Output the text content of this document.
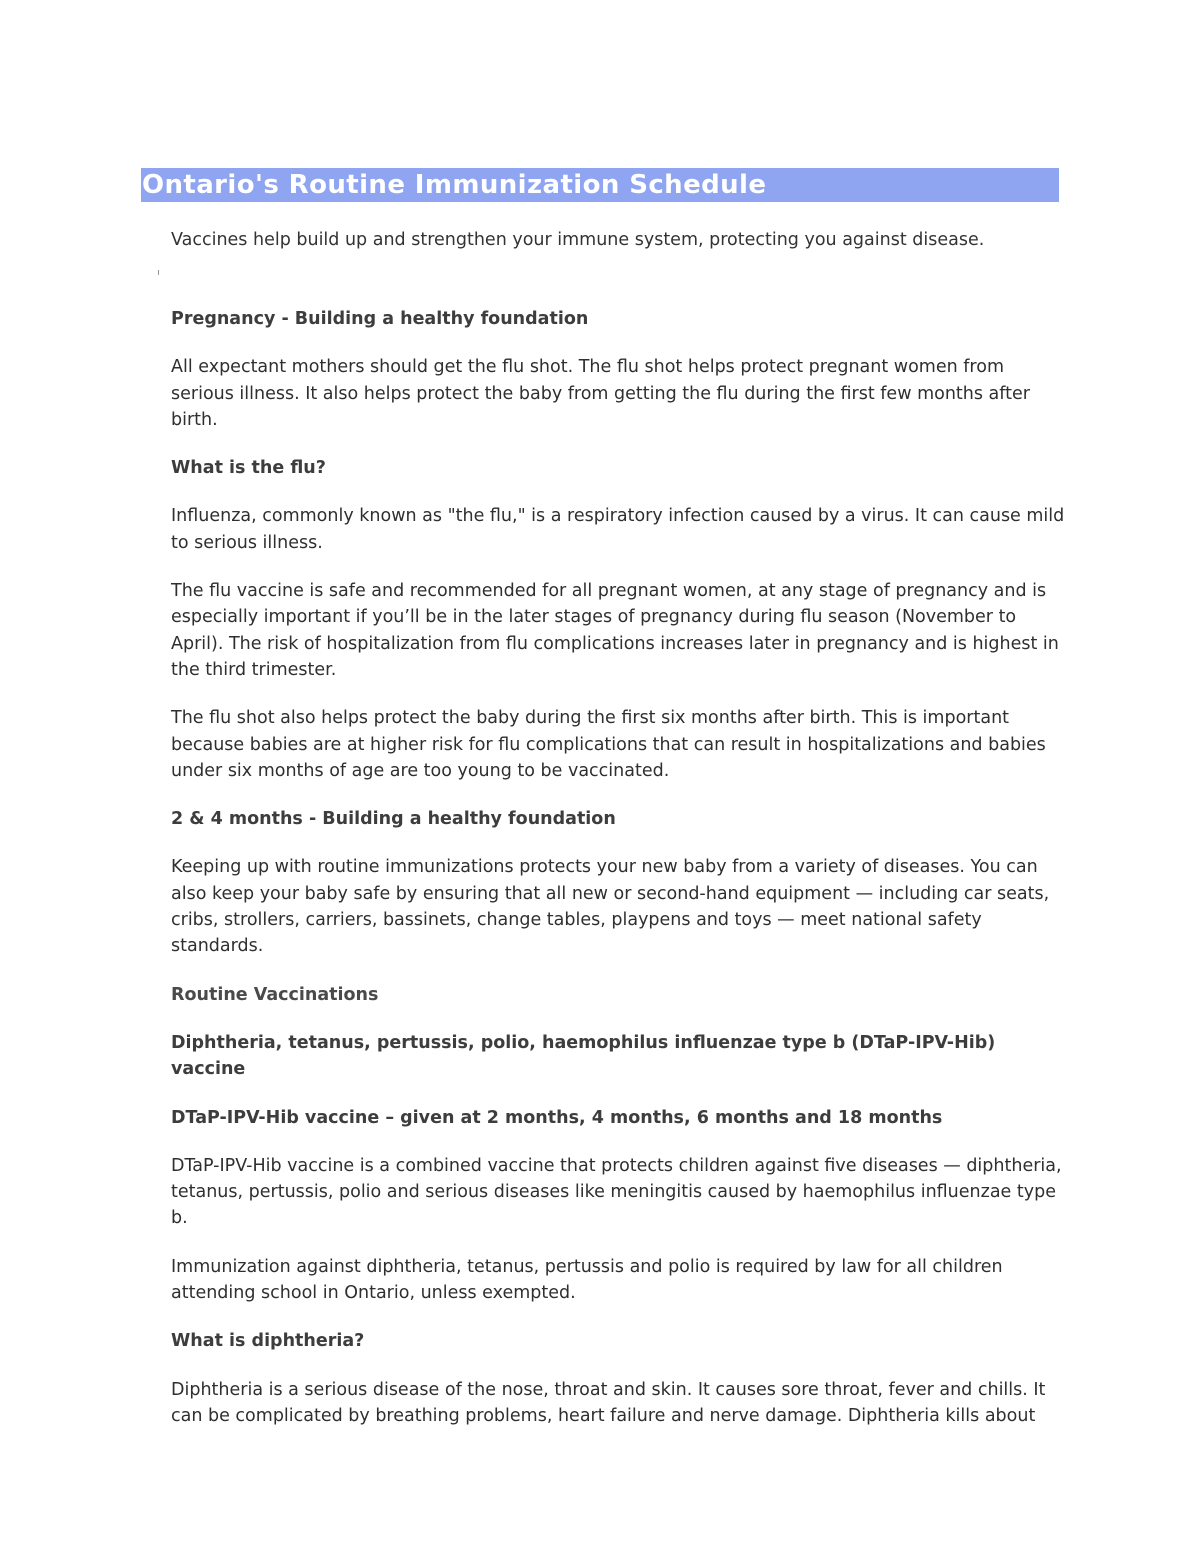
Ontario's Routine Immunization Schedule
Vaccines help build up and strengthen your immune system, protecting you against disease.
Pregnancy - Building a healthy foundation

All expectant mothers should get the flu shot. The flu shot helps protect pregnant women from serious illness. It also helps protect the baby from getting the flu during the first few months after birth.

What is the flu?

Influenza, commonly known as "the flu," is a respiratory infection caused by a virus. It can cause mild to serious illness.

The flu vaccine is safe and recommended for all pregnant women, at any stage of pregnancy and is especially important if you’ll be in the later stages of pregnancy during flu season (November to April). The risk of hospitalization from flu complications increases later in pregnancy and is highest in the third trimester.

The flu shot also helps protect the baby during the first six months after birth. This is important because babies are at higher risk for flu complications that can result in hospitalizations and babies under six months of age are too young to be vaccinated.

2 & 4 months - Building a healthy foundation

Keeping up with routine immunizations protects your new baby from a variety of diseases. You can also keep your baby safe by ensuring that all new or second-hand equipment — including car seats, cribs, strollers, carriers, bassinets, change tables, playpens and toys — meet national safety standards.

Routine Vaccinations
Diphtheria, tetanus, pertussis, polio, haemophilus influenzae type b (DTaP-IPV-Hib) vaccine
DTaP-IPV-Hib vaccine – given at 2 months, 4 months, 6 months and 18 months

DTaP-IPV-Hib vaccine is a combined vaccine that protects children against five diseases — diphtheria, tetanus, pertussis, polio and serious diseases like meningitis caused by haemophilus influenzae type b.

Immunization against diphtheria, tetanus, pertussis and polio is required by law for all children attending school in Ontario, unless exempted.

What is diphtheria?

Diphtheria is a serious disease of the nose, throat and skin. It causes sore throat, fever and chills. It can be complicated by breathing problems, heart failure and nerve damage. Diphtheria kills about
